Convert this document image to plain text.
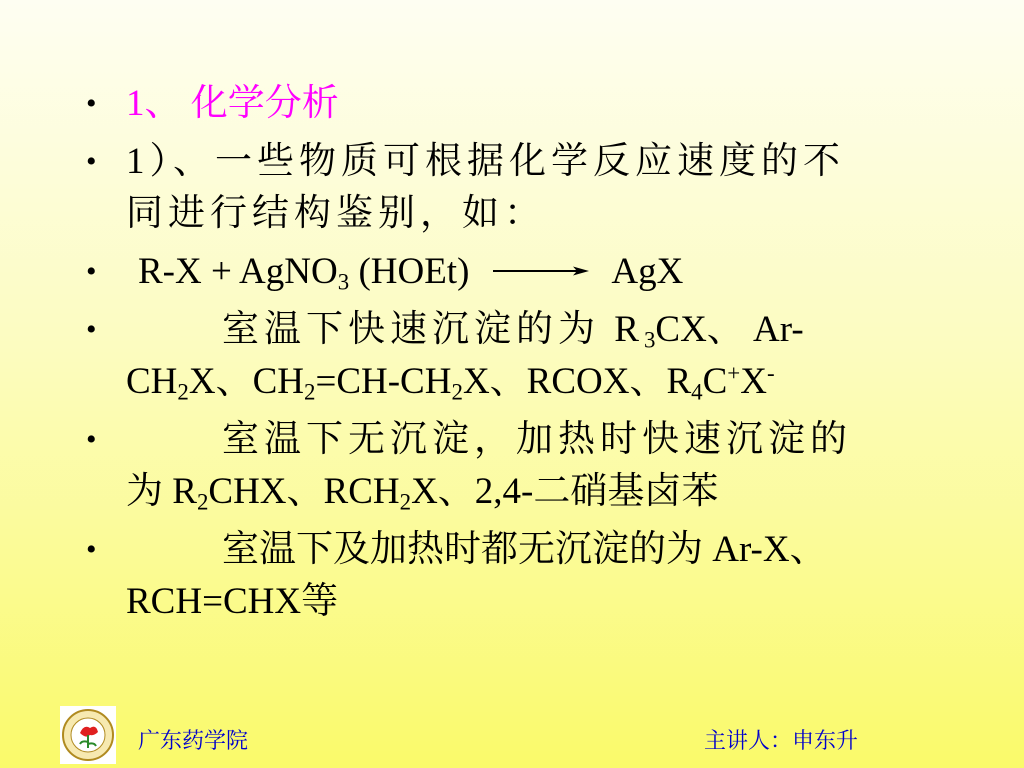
• 1、 化学分析
• 1）、一些物质可根据化学反应速度的不
同进行结构鉴别，如：
• R-X + AgNO$_3$ (HOEt) → AgX
•	室温下快速沉淀的为 $R_3CX$、 Ar-
$CH_2X$、$CH_2=CH-CH_2X$、RCOX、$R_4C^+X^-$
•	室温下无沉淀，加热时快速沉淀的
为 $R_2CHX$、$RCH_2X$、2,4-二硝基卤苯
•	室温下及加热时都无沉淀的为 Ar-X、
RCH=CHX等
广东药学院	主讲人：申东升
